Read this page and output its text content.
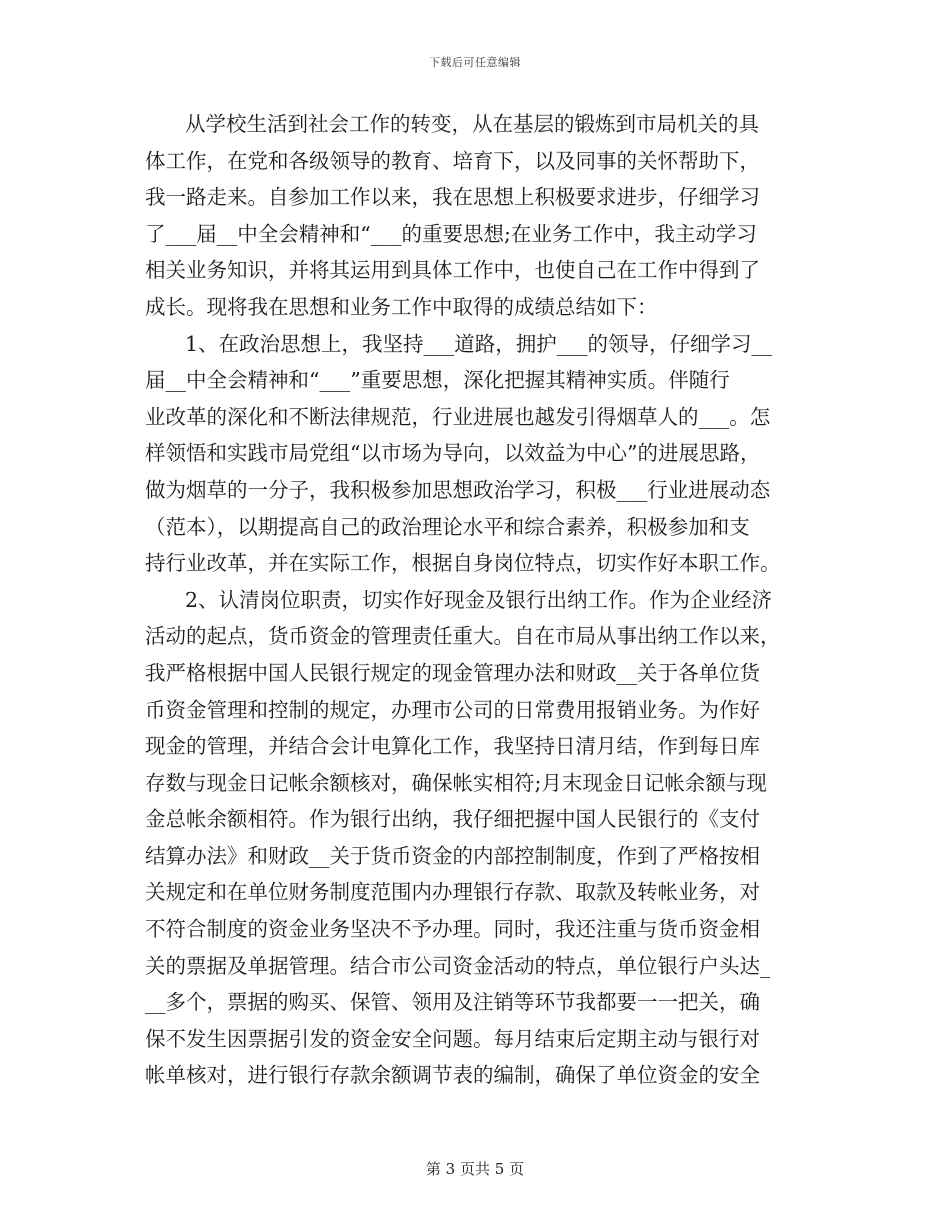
下载后可任意编辑
从学校生活到社会工作的转变，从在基层的锻炼到市局机关的具
体工作，在党和各级领导的教育、培育下，以及同事的关怀帮助下，
我一路走来。自参加工作以来，我在思想上积极要求进步，仔细学习
了___届__中全会精神和“___的重要思想;在业务工作中，我主动学习
相关业务知识，并将其运用到具体工作中，也使自己在工作中得到了
成长。现将我在思想和业务工作中取得的成绩总结如下：
1、在政治思想上，我坚持___道路，拥护___的领导，仔细学习__
届__中全会精神和“___”重要思想，深化把握其精神实质。伴随行
业改革的深化和不断法律规范，行业进展也越发引得烟草人的___。怎
样领悟和实践市局党组“以市场为导向，以效益为中心”的进展思路，
做为烟草的一分子，我积极参加思想政治学习，积极___行业进展动态
（范本），以期提高自己的政治理论水平和综合素养，积极参加和支
持行业改革，并在实际工作，根据自身岗位特点，切实作好本职工作。
2、认清岗位职责，切实作好现金及银行出纳工作。作为企业经济
活动的起点，货币资金的管理责任重大。自在市局从事出纳工作以来，
我严格根据中国人民银行规定的现金管理办法和财政__关于各单位货
币资金管理和控制的规定，办理市公司的日常费用报销业务。为作好
现金的管理，并结合会计电算化工作，我坚持日清月结，作到每日库
存数与现金日记帐余额核对，确保帐实相符;月末现金日记帐余额与现
金总帐余额相符。作为银行出纳，我仔细把握中国人民银行的《支付
结算办法》和财政__关于货币资金的内部控制制度，作到了严格按相
关规定和在单位财务制度范围内办理银行存款、取款及转帐业务，对
不符合制度的资金业务坚决不予办理。同时，我还注重与货币资金相
关的票据及单据管理。结合市公司资金活动的特点，单位银行户头达_
__多个，票据的购买、保管、领用及注销等环节我都要一一把关，确
保不发生因票据引发的资金安全问题。每月结束后定期主动与银行对
帐单核对，进行银行存款余额调节表的编制，确保了单位资金的安全
第 3 页共 5 页
